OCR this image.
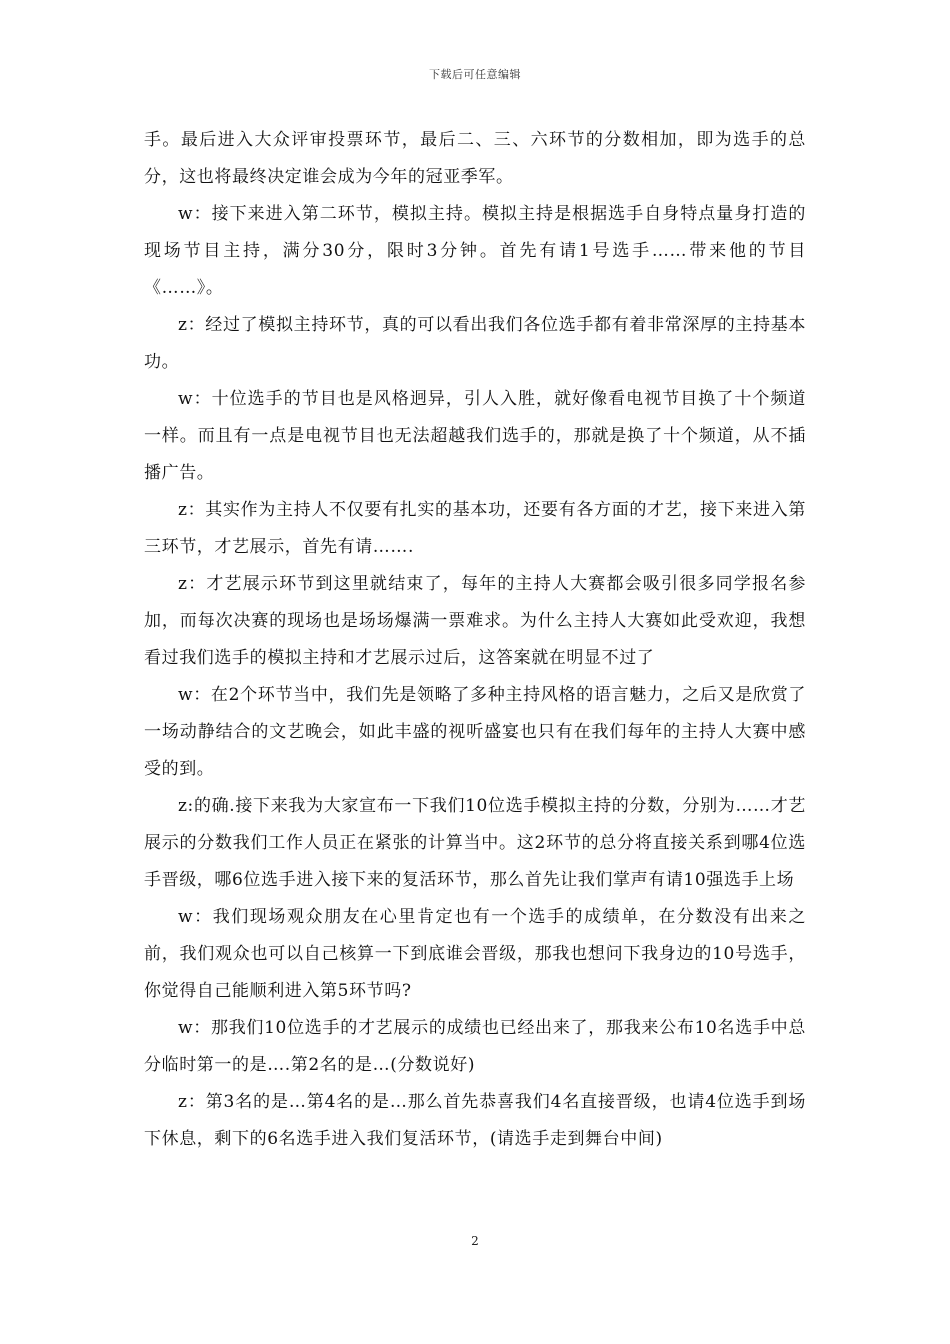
下载后可任意编辑

手。最后进入大众评审投票环节，最后二、三、六环节的分数相加，即为选手的总分，这也将最终决定谁会成为今年的冠亚季军。

w：接下来进入第二环节，模拟主持。模拟主持是根据选手自身特点量身打造的现场节目主持，满分30分，限时3分钟。首先有请1号选手……带来他的节目《……》。

z：经过了模拟主持环节，真的可以看出我们各位选手都有着非常深厚的主持基本功。

w：十位选手的节目也是风格迥异，引人入胜，就好像看电视节目换了十个频道一样。而且有一点是电视节目也无法超越我们选手的，那就是换了十个频道，从不插播广告。

z：其实作为主持人不仅要有扎实的基本功，还要有各方面的才艺，接下来进入第三环节，才艺展示，首先有请…….

z：才艺展示环节到这里就结束了，每年的主持人大赛都会吸引很多同学报名参加，而每次决赛的现场也是场场爆满一票难求。为什么主持人大赛如此受欢迎，我想看过我们选手的模拟主持和才艺展示过后，这答案就在明显不过了

w：在2个环节当中，我们先是领略了多种主持风格的语言魅力，之后又是欣赏了一场动静结合的文艺晚会，如此丰盛的视听盛宴也只有在我们每年的主持人大赛中感受的到。

z:的确.接下来我为大家宣布一下我们10位选手模拟主持的分数，分别为……才艺展示的分数我们工作人员正在紧张的计算当中。这2环节的总分将直接关系到哪4位选手晋级，哪6位选手进入接下来的复活环节，那么首先让我们掌声有请10强选手上场

w：我们现场观众朋友在心里肯定也有一个选手的成绩单，在分数没有出来之前，我们观众也可以自己核算一下到底谁会晋级，那我也想问下我身边的10号选手，你觉得自己能顺利进入第5环节吗?

w：那我们10位选手的才艺展示的成绩也已经出来了，那我来公布10名选手中总分临时第一的是….第2名的是…(分数说好)

z：第3名的是…第4名的是…那么首先恭喜我们4名直接晋级，也请4位选手到场下休息，剩下的6名选手进入我们复活环节，(请选手走到舞台中间)

2
